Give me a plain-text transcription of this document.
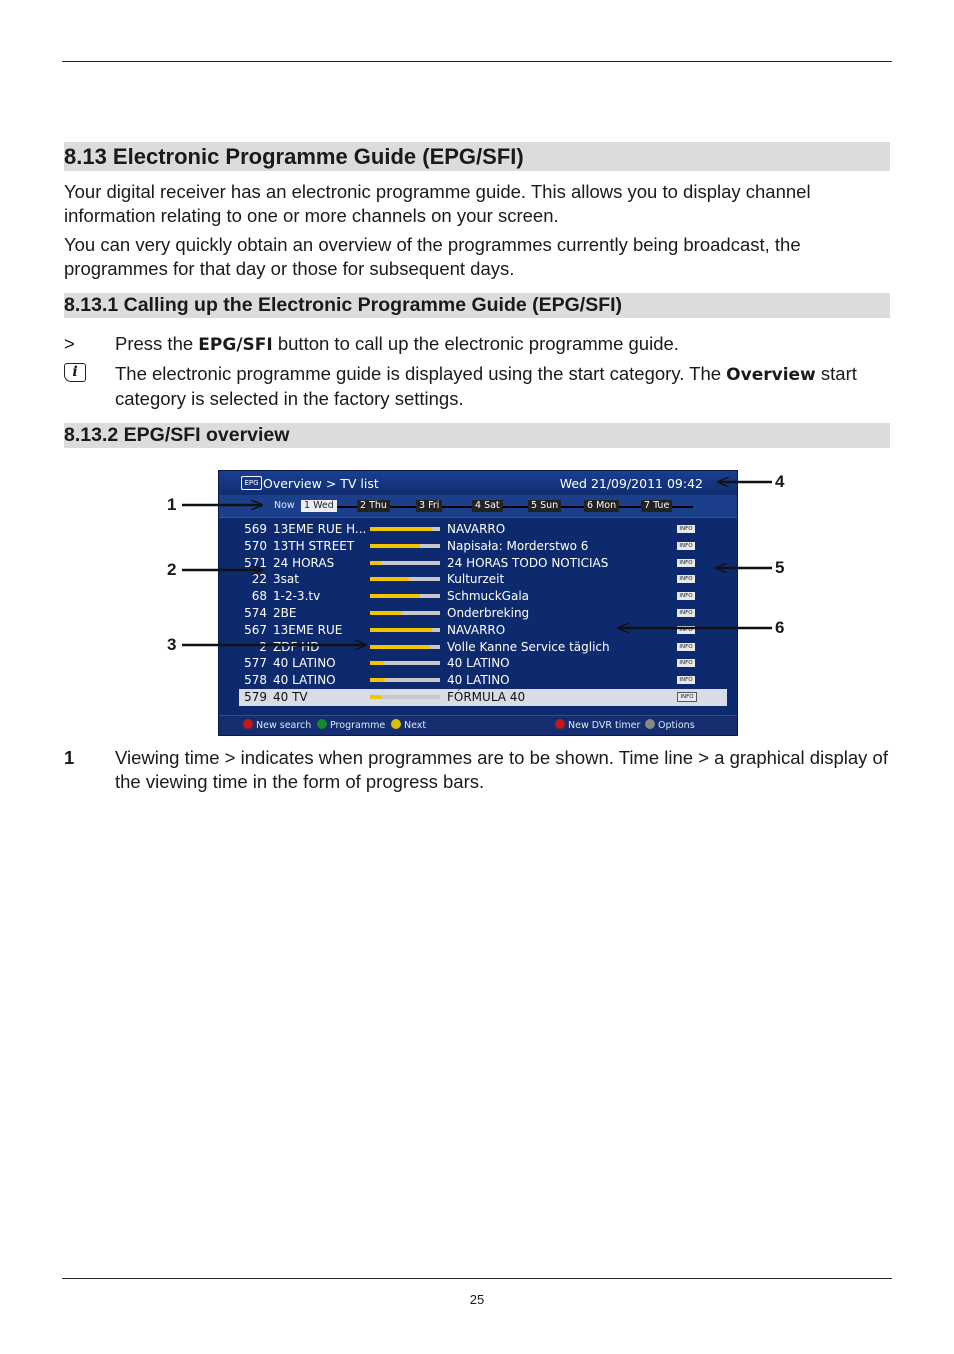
8.13 Electronic Programme Guide (EPG/SFI)
Your digital receiver has an electronic programme guide. This allows you to display channel information relating to one or more channels on your screen.
You can very quickly obtain an overview of the programmes currently being broadcast, the programmes for that day or those for subsequent days.
8.13.1 Calling up the Electronic Programme Guide (EPG/SFI)
> Press the EPG/SFI button to call up the electronic programme guide.
i	The electronic programme guide is displayed using the start category. The Overview start category is selected in the factory settings.
8.13.2 EPG/SFI overview
EPG Overview > TV list	Wed 21/09/2011 09:42
Now 1 Wed	2 Thu	3 Fri	4 Sat	5 Sun	6 Mon	7 Tue
569 13EME RUE H...	NAVARRO	INFO
570 13TH STREET	Napisała: Morderstwo 6	INFO
571 24 HORAS	24 HORAS TODO NOTICIAS	INFO
22 3sat	Kulturzeit	INFO
68 1-2-3.tv	SchmuckGala	INFO
574 2BE	Onderbreking	INFO
567 13EME RUE	NAVARRO	INFO
2 ZDF HD	Volle Kanne Service täglich	INFO
577 40 LATINO	40 LATINO	INFO
578 40 LATINO	40 LATINO	INFO
579 40 TV	FÓRMULA 40	INFO
New search	Programme	Next	New DVR timer	Options
1
2
3
4
5
6
1 Viewing time > indicates when programmes are to be shown. Time line > a graphical display of the viewing time in the form of progress bars.
25
